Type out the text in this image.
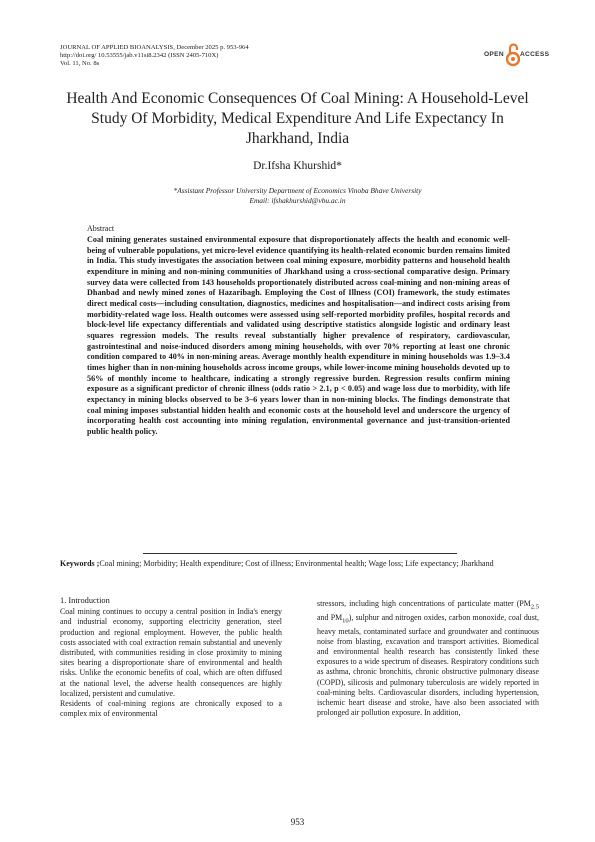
JOURNAL OF APPLIED BIOANALYSIS, December 2025 p. 953-964
http://doi.org/ 10.53555/jab.v11si8.2342 (ISSN 2405-710X)
Vol. 11, No. 8s
OPEN ACCESS
Health And Economic Consequences Of Coal Mining: A Household-Level Study Of Morbidity, Medical Expenditure And Life Expectancy In Jharkhand, India
Dr.Ifsha Khurshid*
*Assistant Professor University Department of Economics Vinoba Bhave University
Email: ifshakhurshid@vbu.ac.in
Abstract
Coal mining generates sustained environmental exposure that disproportionately affects the health and economic well-being of vulnerable populations, yet micro-level evidence quantifying its health-related economic burden remains limited in India. This study investigates the association between coal mining exposure, morbidity patterns and household health expenditure in mining and non-mining communities of Jharkhand using a cross-sectional comparative design. Primary survey data were collected from 143 households proportionately distributed across coal-mining and non-mining areas of Dhanbad and newly mined zones of Hazaribagh. Employing the Cost of Illness (COI) framework, the study estimates direct medical costs—including consultation, diagnostics, medicines and hospitalisation—and indirect costs arising from morbidity-related wage loss. Health outcomes were assessed using self-reported morbidity profiles, hospital records and block-level life expectancy differentials and validated using descriptive statistics alongside logistic and ordinary least squares regression models. The results reveal substantially higher prevalence of respiratory, cardiovascular, gastrointestinal and noise-induced disorders among mining households, with over 70% reporting at least one chronic condition compared to 40% in non-mining areas. Average monthly health expenditure in mining households was 1.9–3.4 times higher than in non-mining households across income groups, while lower-income mining households devoted up to 56% of monthly income to healthcare, indicating a strongly regressive burden. Regression results confirm mining exposure as a significant predictor of chronic illness (odds ratio > 2.1, p < 0.05) and wage loss due to morbidity, with life expectancy in mining blocks observed to be 3–6 years lower than in non-mining blocks. The findings demonstrate that coal mining imposes substantial hidden health and economic costs at the household level and underscore the urgency of incorporating health cost accounting into mining regulation, environmental governance and just-transition-oriented public health policy.
Keywords ;Coal mining; Morbidity; Health expenditure; Cost of illness; Environmental health; Wage loss; Life expectancy; Jharkhand
1. Introduction

Coal mining continues to occupy a central position in India's energy and industrial economy, supporting electricity generation, steel production and regional employment. However, the public health costs associated with coal extraction remain substantial and unevenly distributed, with communities residing in close proximity to mining sites bearing a disproportionate share of environmental and health risks. Unlike the economic benefits of coal, which are often diffused at the national level, the adverse health consequences are highly localized, persistent and cumulative.

Residents of coal-mining regions are chronically exposed to a complex mix of environmental

stressors, including high concentrations of particulate matter ($PM_{2.5}$ and $PM_{10}$), sulphur and nitrogen oxides, carbon monoxide, coal dust, heavy metals, contaminated surface and groundwater and continuous noise from blasting, excavation and transport activities. Biomedical and environmental health research has consistently linked these exposures to a wide spectrum of diseases. Respiratory conditions such as asthma, chronic bronchitis, chronic obstructive pulmonary disease (COPD), silicosis and pulmonary tuberculosis are widely reported in coal-mining belts. Cardiovascular disorders, including hypertension, ischemic heart disease and stroke, have also been associated with prolonged air pollution exposure. In addition,

953
